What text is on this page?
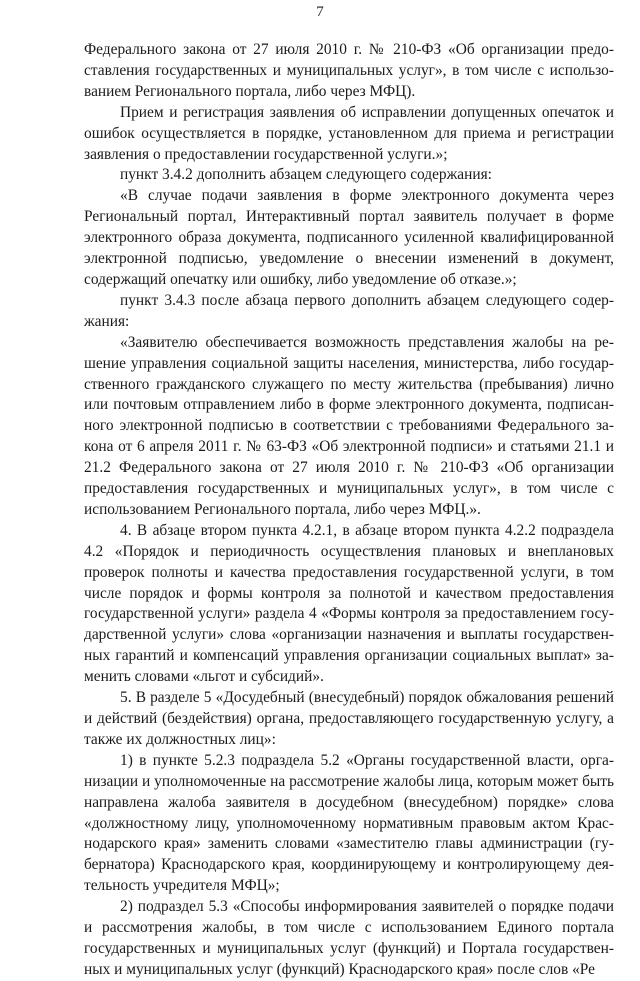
7

Федерального закона от 27 июля 2010 г. № 210-ФЗ «Об организации предоставления государственных и муниципальных услуг», в том числе с использованием Регионального портала, либо через МФЦ).

Прием и регистрация заявления об исправлении допущенных опечаток и ошибок осуществляется в порядке, установленном для приема и регистрации заявления о предоставлении государственной услуги.»;

пункт 3.4.2 дополнить абзацем следующего содержания:

«В случае подачи заявления в форме электронного документа через Региональный портал, Интерактивный портал заявитель получает в форме электронного образа документа, подписанного усиленной квалифицированной электронной подписью, уведомление о внесении изменений в документ, содержащий опечатку или ошибку, либо уведомление об отказе.»;

пункт 3.4.3 после абзаца первого дополнить абзацем следующего содержания:

«Заявителю обеспечивается возможность представления жалобы на решение управления социальной защиты населения, министерства, либо государственного гражданского служащего по месту жительства (пребывания) лично или почтовым отправлением либо в форме электронного документа, подписанного электронной подписью в соответствии с требованиями Федерального закона от 6 апреля 2011 г. № 63-ФЗ «Об электронной подписи» и статьями 21.1 и 21.2 Федерального закона от 27 июля 2010 г. № 210-ФЗ «Об организации предоставления государственных и муниципальных услуг», в том числе с использованием Регионального портала, либо через МФЦ.».

4. В абзаце втором пункта 4.2.1, в абзаце втором пункта 4.2.2 подраздела 4.2 «Порядок и периодичность осуществления плановых и внеплановых проверок полноты и качества предоставления государственной услуги, в том числе порядок и формы контроля за полнотой и качеством предоставления государственной услуги» раздела 4 «Формы контроля за предоставлением государственной услуги» слова «организации назначения и выплаты государственных гарантий и компенсаций управления организации социальных выплат» заменить словами «льгот и субсидий».

5. В разделе 5 «Досудебный (внесудебный) порядок обжалования решений и действий (бездействия) органа, предоставляющего государственную услугу, а также их должностных лиц»:

1) в пункте 5.2.3 подраздела 5.2 «Органы государственной власти, организации и уполномоченные на рассмотрение жалобы лица, которым может быть направлена жалоба заявителя в досудебном (внесудебном) порядке» слова «должностному лицу, уполномоченному нормативным правовым актом Краснодарского края» заменить словами «заместителю главы администрации (губернатора) Краснодарского края, координирующему и контролирующему деятельность учредителя МФЦ»;

2) подраздел 5.3 «Способы информирования заявителей о порядке подачи и рассмотрения жалобы, в том числе с использованием Единого портала государственных и муниципальных услуг (функций) и Портала государственных и муниципальных услуг (функций) Краснодарского края» после слов «Ре
